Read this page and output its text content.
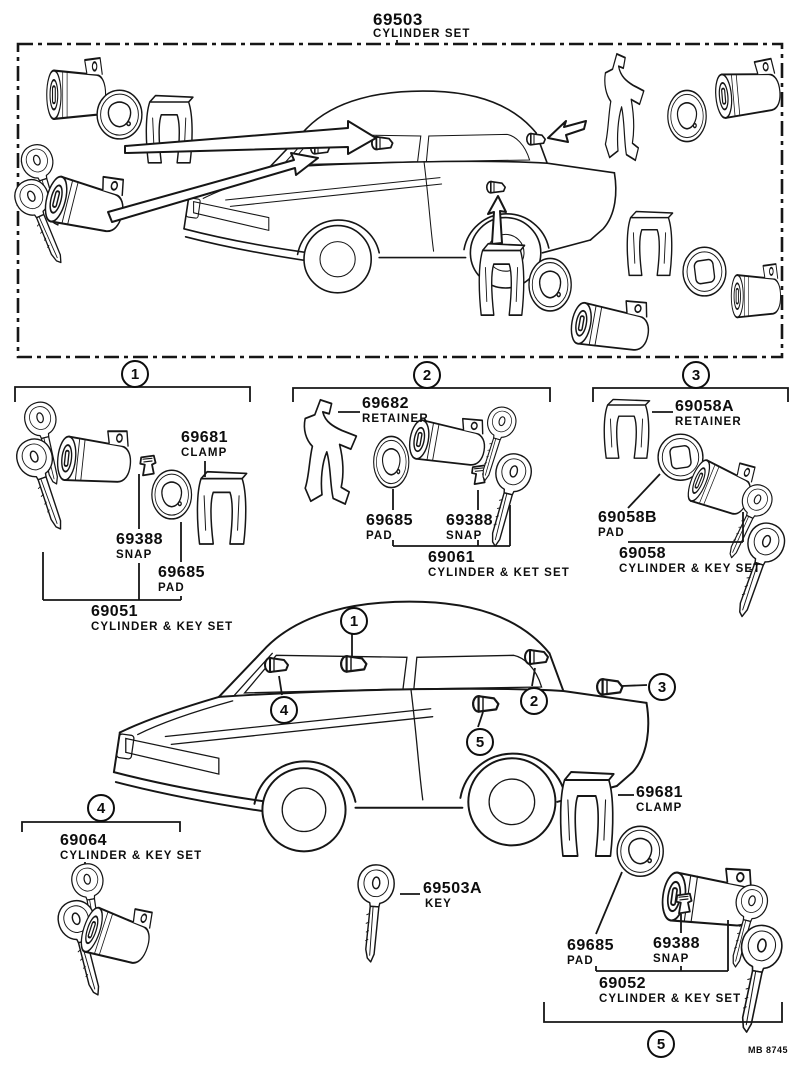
69503
CYLINDER SET
1	2	3
69681
CLAMP
69388
SNAP
69685
PAD
69051
CYLINDER & KEY SET
69682
RETAINER
69685
PAD
69388
SNAP
69061
CYLINDER & KET SET
69058A
RETAINER
69058B
PAD
69058
CYLINDER & KEY SET
1
4
2
5
3
4
69064
CYLINDER & KEY SET
69503A
KEY
69681
CLAMP
69685
PAD
69388
SNAP
69052
CYLINDER & KEY SET
5	MB 8745
